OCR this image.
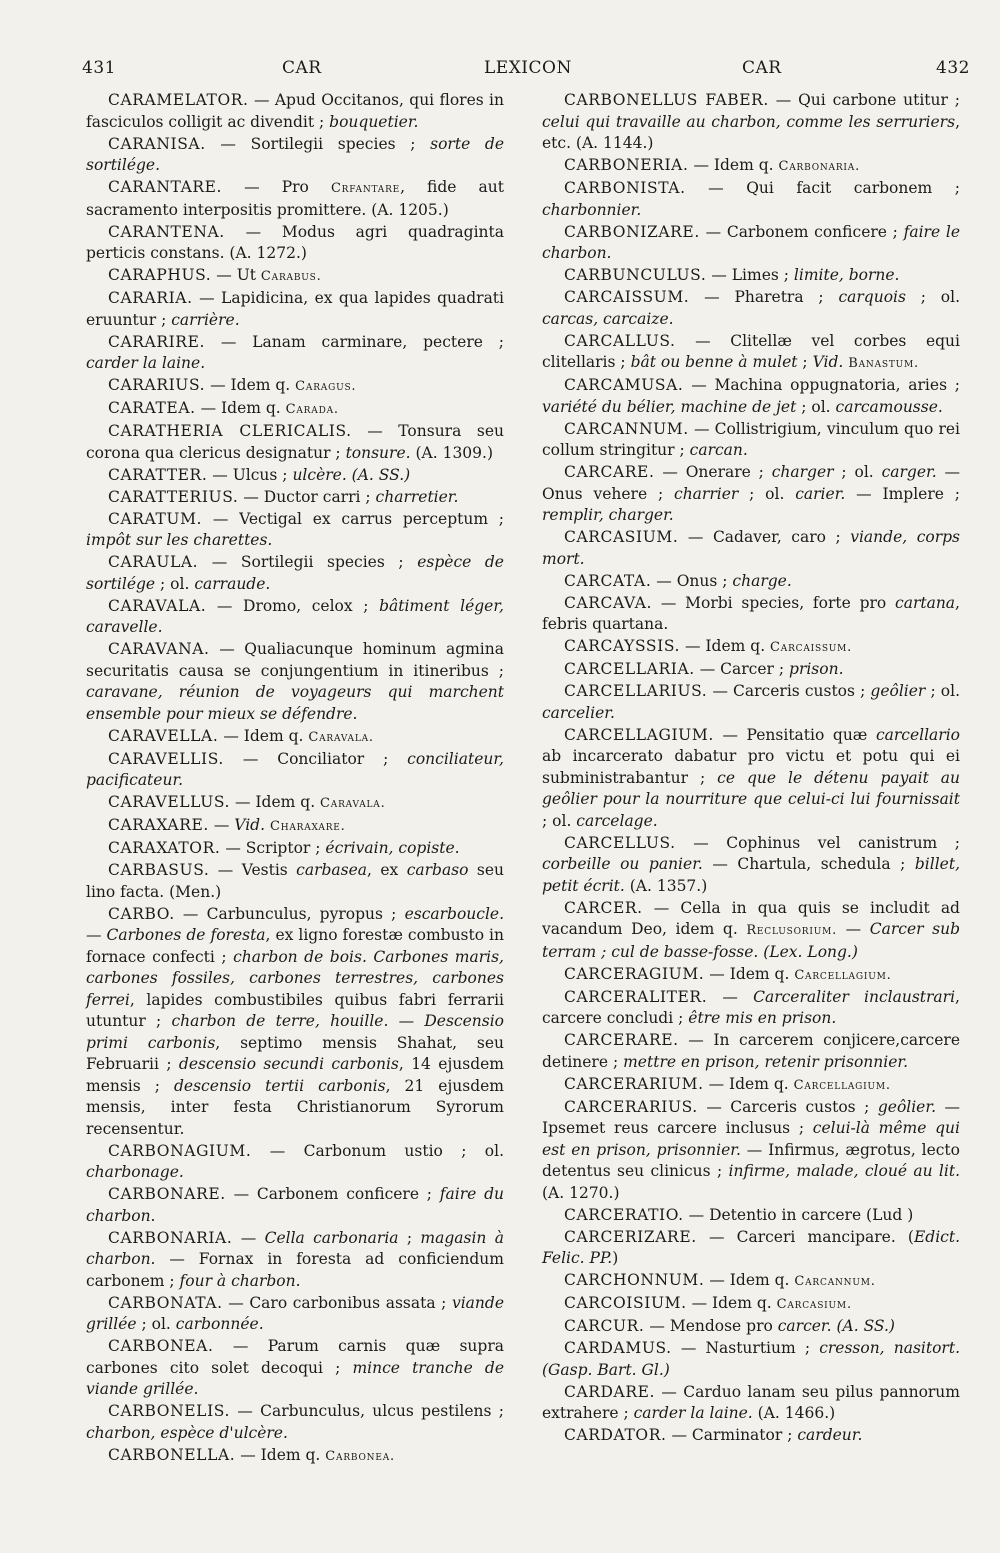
431	CAR	LEXICON	CAR	432

CARAMELATOR. — Apud Occitanos, qui flores in fasciculos colligit ac divendit ; bouquetier.

CARANISA. — Sortilegii species ; sorte de sortilége.

CARANTARE. — Pro Crfantare, fide aut sacramento interpositis promittere. (A. 1205.)

CARANTENA. — Modus agri quadraginta perticis constans. (A. 1272.)

CARAPHUS. — Ut Carabus.

CARARIA. — Lapidicina, ex qua lapides quadrati eruuntur ; carrière.

CARARIRE. — Lanam carminare, pectere ; carder la laine.

CARARIUS. — Idem q. Caragus.

CARATEA. — Idem q. Carada.

CARATHERIA CLERICALIS. — Tonsura seu corona qua clericus designatur ; tonsure. (A. 1309.)

CARATTER. — Ulcus ; ulcère. (A. SS.)

CARATTERIUS. — Ductor carri ; charretier.

CARATUM. — Vectigal ex carrus perceptum ; impôt sur les charettes.

CARAULA. — Sortilegii species ; espèce de sortilége ; ol. carraude.

CARAVALA. — Dromo, celox ; bâtiment léger, caravelle.

CARAVANA. — Qualiacunque hominum agmina securitatis causa se conjungentium in itineribus ; caravane, réunion de voyageurs qui marchent ensemble pour mieux se défendre.

CARAVELLA. — Idem q. Caravala.

CARAVELLIS. — Conciliator ; conciliateur, pacificateur.

CARAVELLUS. — Idem q. Caravala.

CARAXARE. — Vid. Charaxare.

CARAXATOR. — Scriptor ; écrivain, copiste.

CARBASUS. — Vestis carbasea, ex carbaso seu lino facta. (Men.)

CARBO. — Carbunculus, pyropus ; escarboucle. — Carbones de foresta, ex ligno forestæ combusto in fornace confecti ; charbon de bois. Carbones maris, carbones fossiles, carbones terrestres, carbones ferrei, lapides combustibiles quibus fabri ferrarii utuntur ; charbon de terre, houille. — Descensio primi carbonis, septimo mensis Shahat, seu Februarii ; descensio secundi carbonis, 14 ejusdem mensis ; descensio tertii carbonis, 21 ejusdem mensis, inter festa Christianorum Syrorum recensentur.

CARBONAGIUM. — Carbonum ustio ; ol. charbonage.

CARBONARE. — Carbonem conficere ; faire du charbon.

CARBONARIA. — Cella carbonaria ; magasin à charbon. — Fornax in foresta ad conficiendum carbonem ; four à charbon.

CARBONATA. — Caro carbonibus assata ; viande grillée ; ol. carbonnée.

CARBONEA. — Parum carnis quæ supra carbones cito solet decoqui ; mince tranche de viande grillée.

CARBONELIS. — Carbunculus, ulcus pestilens ; charbon, espèce d'ulcère.

CARBONELLA. — Idem q. Carbonea.

CARBONELLUS FABER. — Qui carbone utitur ; celui qui travaille au charbon, comme les serruriers, etc. (A. 1144.)

CARBONERIA. — Idem q. Carbonaria.

CARBONISTA. — Qui facit carbonem ; charbonnier.

CARBONIZARE. — Carbonem conficere ; faire le charbon.

CARBUNCULUS. — Limes ; limite, borne.

CARCAISSUM. — Pharetra ; carquois ; ol. carcas, carcaize.

CARCALLUS. — Clitellæ vel corbes equi clitellaris ; bât ou benne à mulet ; Vid. Banastum.

CARCAMUSA. — Machina oppugnatoria, aries ; variété du bélier, machine de jet ; ol. carcamousse.

CARCANNUM. — Collistrigium, vinculum quo rei collum stringitur ; carcan.

CARCARE. — Onerare ; charger ; ol. carger. — Onus vehere ; charrier ; ol. carier. — Implere ; remplir, charger.

CARCASIUM. — Cadaver, caro ; viande, corps mort.

CARCATA. — Onus ; charge.

CARCAVA. — Morbi species, forte pro cartana, febris quartana.

CARCAYSSIS. — Idem q. Carcaissum.

CARCELLARIA. — Carcer ; prison.

CARCELLARIUS. — Carceris custos ; geôlier ; ol. carcelier.

CARCELLAGIUM. — Pensitatio quæ carcellario ab incarcerato dabatur pro victu et potu qui ei subministrabantur ; ce que le détenu payait au geôlier pour la nourriture que celui-ci lui fournissait ; ol. carcelage.

CARCELLUS. — Cophinus vel canistrum ; corbeille ou panier. — Chartula, schedula ; billet, petit écrit. (A. 1357.)

CARCER. — Cella in qua quis se includit ad vacandum Deo, idem q. Reclusorium. — Carcer sub terram ; cul de basse-fosse. (Lex. Long.)

CARCERAGIUM. — Idem q. Carcellagium.

CARCERALITER. — Carceraliter inclaustrari, carcere concludi ; être mis en prison.

CARCERARE. — In carcerem conjicere,carcere detinere ; mettre en prison, retenir prisonnier.

CARCERARIUM. — Idem q. Carcellagium.

CARCERARIUS. — Carceris custos ; geôlier. — Ipsemet reus carcere inclusus ; celui-là même qui est en prison, prisonnier. — Infirmus, ægrotus, lecto detentus seu clinicus ; infirme, malade, cloué au lit. (A. 1270.)

CARCERATIO. — Detentio in carcere (Lud )

CARCERIZARE. — Carceri mancipare. (Edict. Felic. PP.)

CARCHONNUM. — Idem q. Carcannum.

CARCOISIUM. — Idem q. Carcasium.

CARCUR. — Mendose pro carcer. (A. SS.)

CARDAMUS. — Nasturtium ; cresson, nasitort. (Gasp. Bart. Gl.)

CARDARE. — Carduo lanam seu pilus pannorum extrahere ; carder la laine. (A. 1466.)

CARDATOR. — Carminator ; cardeur.
